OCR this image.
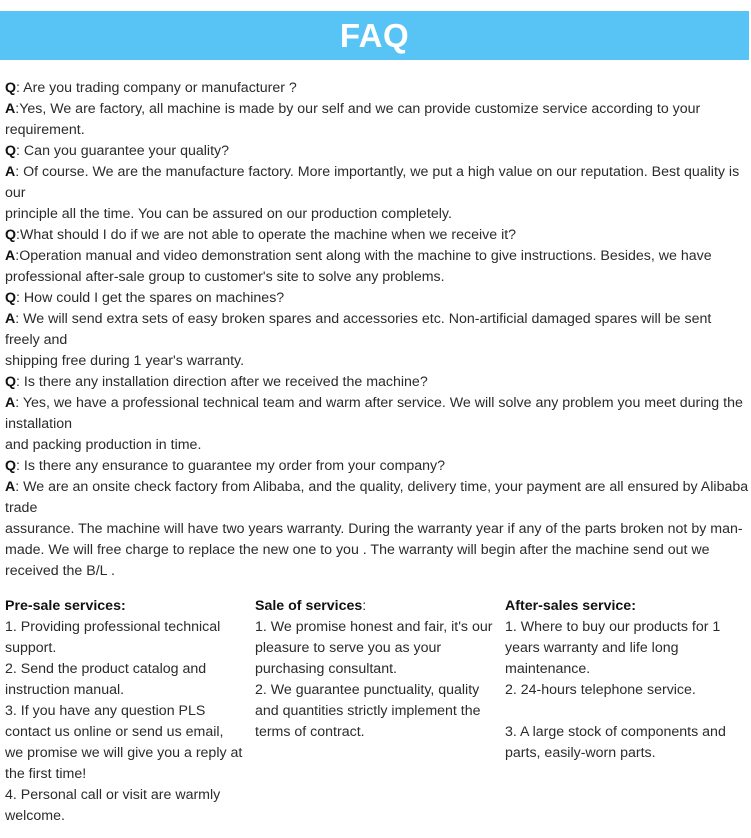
FAQ

Q: Are you trading company or manufacturer ?

A:Yes, We are factory, all machine is made by our self and we can provide customize service according to your requirement.

Q: Can you guarantee your quality?

A: Of course. We are the manufacture factory. More importantly, we put a high value on our reputation. Best quality is our

principle all the time. You can be assured on our production completely.

Q:What should I do if we are not able to operate the machine when we receive it?

A:Operation manual and video demonstration sent along with the machine to give instructions. Besides, we have professional after-sale group to customer's site to solve any problems.

Q: How could I get the spares on machines?

A: We will send extra sets of easy broken spares and accessories etc. Non-artificial damaged spares will be sent freely and

shipping free during 1 year's warranty.

Q: Is there any installation direction after we received the machine?

A: Yes, we have a professional technical team and warm after service. We will solve any problem you meet during the installation

and packing production in time.

Q: Is there any ensurance to guarantee my order from your company?

A: We are an onsite check factory from Alibaba, and the quality, delivery time, your payment are all ensured by Alibaba trade

assurance. The machine will have two years warranty. During the warranty year if any of the parts broken not by man-made. We will free charge to replace the new one to you . The warranty will begin after the machine send out we received the B/L .

Pre-sale services:

1. Providing professional technical support.

2. Send the product catalog and instruction manual.

3. If you have any question PLS contact us online or send us email, we promise we will give you a reply at the first time!

4. Personal call or visit are warmly welcome.

Sale of services:

1. We promise honest and fair, it's our pleasure to serve you as your purchasing consultant.

2. We guarantee punctuality, quality and quantities strictly implement the terms of contract.

After-sales service:

1. Where to buy our products for 1 years warranty and life long maintenance.

2. 24-hours telephone service.

3. A large stock of components and parts, easily-worn parts.
